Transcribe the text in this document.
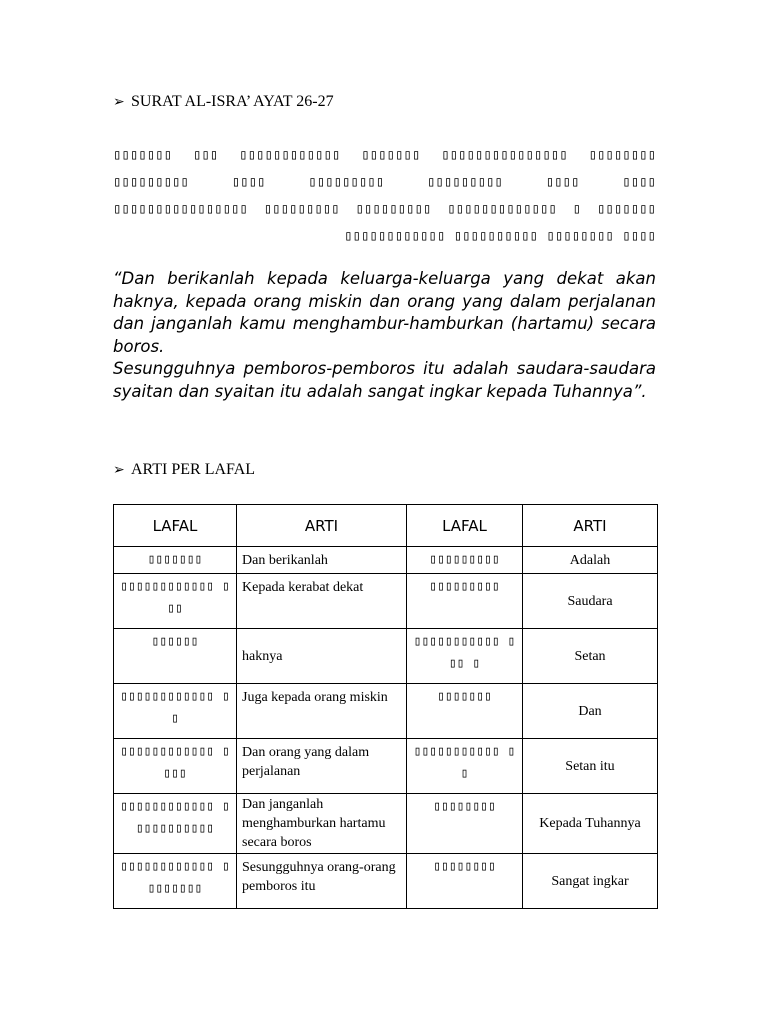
➢ SURAT AL-ISRA’ AYAT 26-27
▯▯▯▯▯▯▯ ▯▯▯ ▯▯▯▯▯▯▯▯▯▯▯▯ ▯▯▯▯▯▯▯ ▯▯▯▯▯▯▯▯▯▯▯▯▯▯▯ ▯▯▯▯▯▯▯▯
▯▯▯▯▯▯▯▯▯ ▯▯▯▯ ▯▯▯▯▯▯▯▯▯ ▯▯▯▯▯▯▯▯▯ ▯▯▯▯ ▯▯▯▯
▯▯▯▯▯▯▯▯▯▯▯▯▯▯▯▯ ▯▯▯▯▯▯▯▯▯ ▯▯▯▯▯▯▯▯▯ ▯▯▯▯▯▯▯▯▯▯▯▯▯ ▯ ▯▯▯▯▯▯▯
▯▯▯▯▯▯▯▯▯▯▯▯ ▯▯▯▯▯▯▯▯▯▯ ▯▯▯▯▯▯▯▯ ▯▯▯▯

“Dan berikanlah kepada keluarga-keluarga yang dekat akan haknya, kepada orang miskin dan orang yang dalam perjalanan dan janganlah kamu menghambur-hamburkan (hartamu) secara boros.

Sesungguhnya pemboros-pemboros itu adalah saudara-saudara syaitan dan syaitan itu adalah sangat ingkar kepada Tuhannya”.

➢ ARTI PER LAFAL
LAFAL	ARTI	LAFAL	ARTI
▯▯▯▯▯▯▯	Dan berikanlah	▯▯▯▯▯▯▯▯▯	Adalah
▯▯▯▯▯▯▯▯▯▯▯▯ ▯▯▯	Kepada kerabat dekat	▯▯▯▯▯▯▯▯▯	Saudara
▯▯▯▯▯▯	haknya	▯▯▯▯▯▯▯▯▯▯▯ ▯▯▯ ▯	Setan
▯▯▯▯▯▯▯▯▯▯▯▯ ▯▯	Juga kepada orang miskin	▯▯▯▯▯▯▯	Dan
▯▯▯▯▯▯▯▯▯▯▯▯ ▯▯▯▯	Dan orang yang dalam perjalanan	▯▯▯▯▯▯▯▯▯▯▯ ▯▯	Setan itu
▯▯▯▯▯▯▯▯▯▯▯▯ ▯▯▯▯▯▯▯▯▯▯▯	Dan janganlah menghamburkan hartamu secara boros	▯▯▯▯▯▯▯▯	Kepada Tuhannya
▯▯▯▯▯▯▯▯▯▯▯▯ ▯▯▯▯▯▯▯▯	Sesungguhnya orang-orang pemboros itu	▯▯▯▯▯▯▯▯	Sangat ingkar
